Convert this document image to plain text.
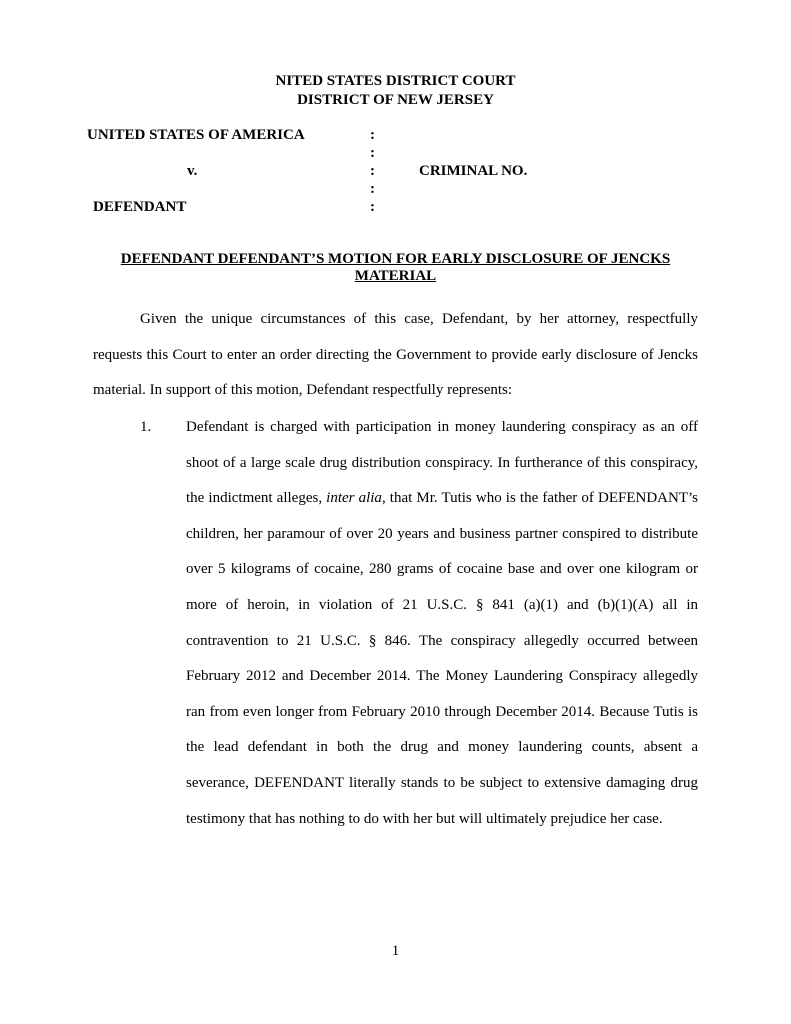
NITED STATES DISTRICT COURT
DISTRICT OF NEW JERSEY
UNITED STATES OF AMERICA
v.
DEFENDANT
CRIMINAL NO.
:
:
:
:
:
DEFENDANT DEFENDANT’S MOTION FOR EARLY DISCLOSURE OF JENCKS MATERIAL

Given the unique circumstances of this case, Defendant, by her attorney, respectfully requests this Court to enter an order directing the Government to provide early disclosure of Jencks material. In support of this motion, Defendant respectfully represents:

1. Defendant is charged with participation in money laundering conspiracy as an off shoot of a large scale drug distribution conspiracy. In furtherance of this conspiracy, the indictment alleges, inter alia, that Mr. Tutis who is the father of DEFENDANT’s children, her paramour of over 20 years and business partner conspired to distribute over 5 kilograms of cocaine, 280 grams of cocaine base and over one kilogram or more of heroin, in violation of 21 U.S.C. § 841 (a)(1) and (b)(1)(A) all in contravention to 21 U.S.C. § 846. The conspiracy allegedly occurred between February 2012 and December 2014. The Money Laundering Conspiracy allegedly ran from even longer from February 2010 through December 2014. Because Tutis is the lead defendant in both the drug and money laundering counts, absent a severance, DEFENDANT literally stands to be subject to extensive damaging drug testimony that has nothing to do with her but will ultimately prejudice her case.

1
